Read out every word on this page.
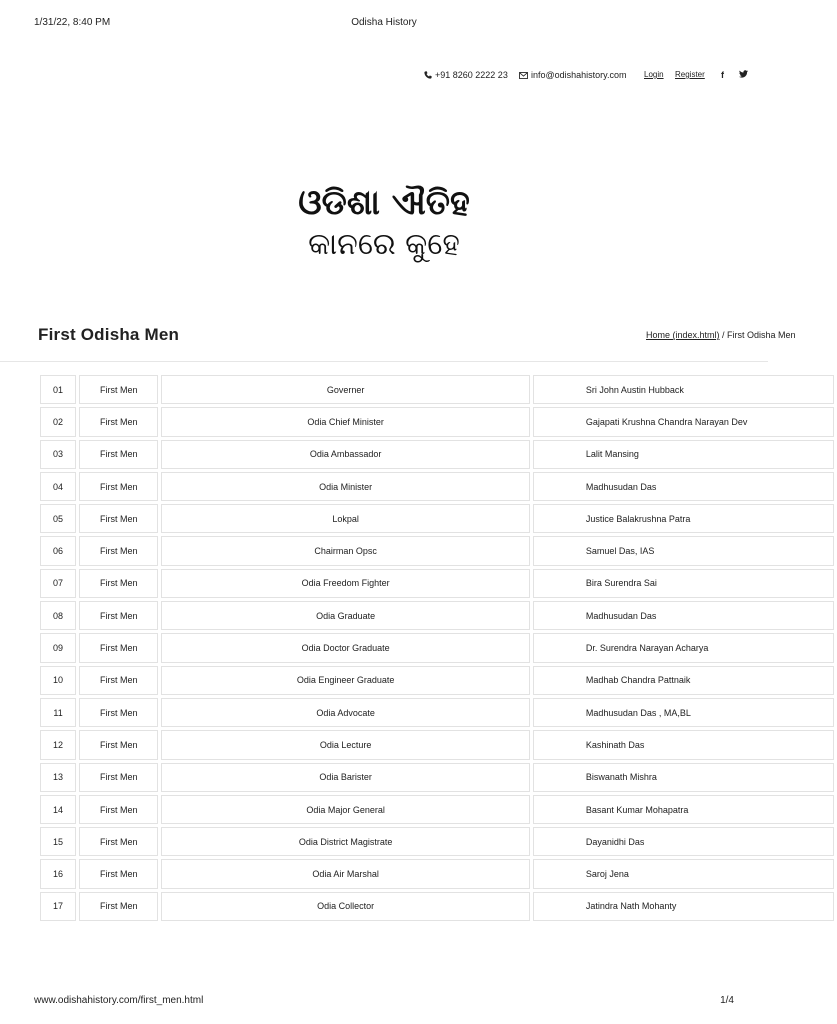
1/31/22, 8:40 PM	Odisha History
+91 8260 2222 23	info@odishahistory.com Login Register f
ଓଡିଶା ଐତିହ
କାନରେ କୁହେ
First Odisha Men	Home (index.html) / First Odisha Men
01	First Men	Governer	Sri John Austin Hubback
02	First Men	Odia Chief Minister	Gajapati Krushna Chandra Narayan Dev
03	First Men	Odia Ambassador	Lalit Mansing
04	First Men	Odia Minister	Madhusudan Das
05	First Men	Lokpal	Justice Balakrushna Patra
06	First Men	Chairman Opsc	Samuel Das, IAS
07	First Men	Odia Freedom Fighter	Bira Surendra Sai
08	First Men	Odia Graduate	Madhusudan Das
09	First Men	Odia Doctor Graduate	Dr. Surendra Narayan Acharya
10	First Men	Odia Engineer Graduate	Madhab Chandra Pattnaik
11	First Men	Odia Advocate	Madhusudan Das , MA,BL
12	First Men	Odia Lecture	Kashinath Das
13	First Men	Odia Barister	Biswanath Mishra
14	First Men	Odia Major General	Basant Kumar Mohapatra
15	First Men	Odia District Magistrate	Dayanidhi Das
16	First Men	Odia Air Marshal	Saroj Jena
17	First Men	Odia Collector	Jatindra Nath Mohanty
www.odishahistory.com/first_men.html	1/4
